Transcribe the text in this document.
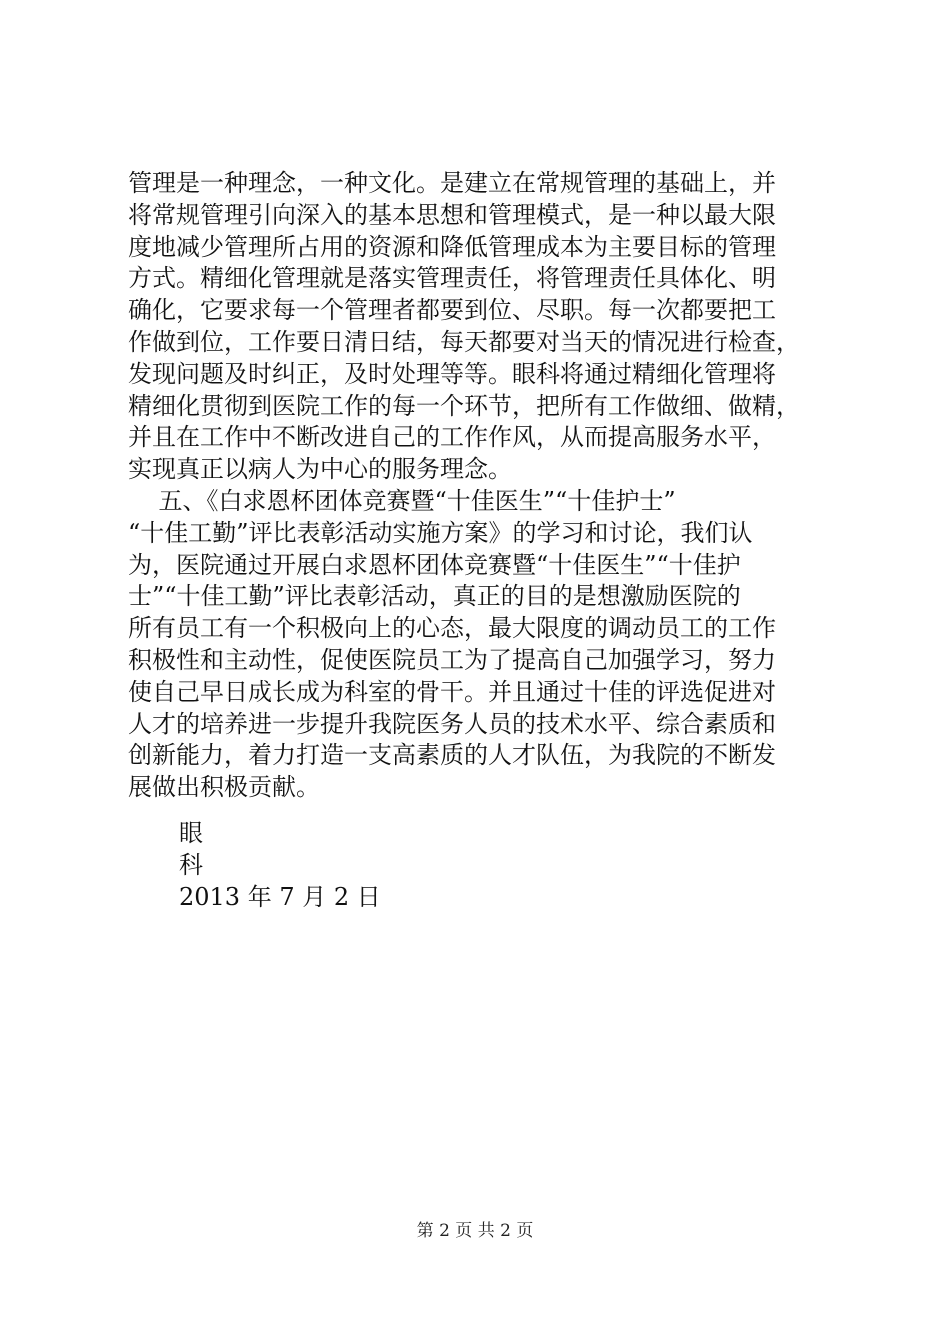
管理是一种理念，一种文化。是建立在常规管理的基础上，并
将常规管理引向深入的基本思想和管理模式，是一种以最大限
度地减少管理所占用的资源和降低管理成本为主要目标的管理
方式。精细化管理就是落实管理责任，将管理责任具体化、明
确化，它要求每一个管理者都要到位、尽职。每一次都要把工
作做到位，工作要日清日结，每天都要对当天的情况进行检查，
发现问题及时纠正，及时处理等等。眼科将通过精细化管理将
精细化贯彻到医院工作的每一个环节，把所有工作做细、做精，
并且在工作中不断改进自己的工作作风，从而提高服务水平，
实现真正以病人为中心的服务理念。
五、《白求恩杯团体竞赛暨“十佳医生”“十佳护士”
“十佳工勤”评比表彰活动实施方案》的学习和讨论，我们认
为，医院通过开展白求恩杯团体竞赛暨“十佳医生”“十佳护
士”“十佳工勤”评比表彰活动，真正的目的是想激励医院的
所有员工有一个积极向上的心态，最大限度的调动员工的工作
积极性和主动性，促使医院员工为了提高自己加强学习，努力
使自己早日成长成为科室的骨干。并且通过十佳的评选促进对
人才的培养进一步提升我院医务人员的技术水平、综合素质和
创新能力，着力打造一支高素质的人才队伍，为我院的不断发
展做出积极贡献。
眼
科
2013 年 7 月 2 日
第 2 页 共 2 页
